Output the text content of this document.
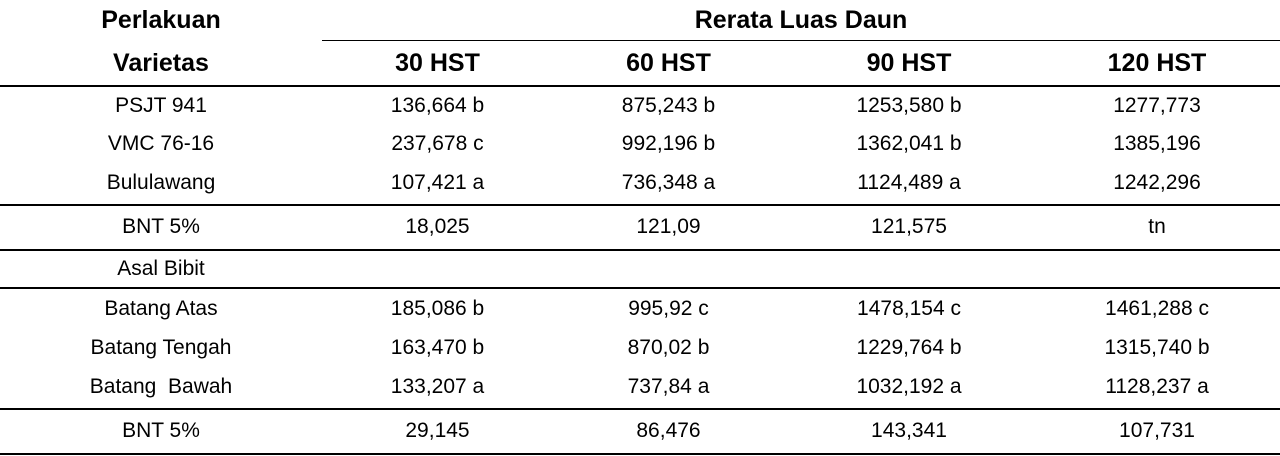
Perlakuan	Rerata Luas Daun
Varietas	30 HST	60 HST	90 HST	120 HST
PSJT 941	136,664 b	875,243 b	1253,580 b	1277,773
VMC 76-16	237,678 c	992,196 b	1362,041 b	1385,196
Bululawang	107,421 a	736,348 a	1124,489 a	1242,296
BNT 5%	18,025	121,09	121,575	tn
Asal Bibit
Batang Atas	185,086 b	995,92 c	1478,154 c	1461,288 c
Batang Tengah	163,470 b	870,02 b	1229,764 b	1315,740 b
Batang  Bawah	133,207 a	737,84 a	1032,192 a	1128,237 a
BNT 5%	29,145	86,476	143,341	107,731
